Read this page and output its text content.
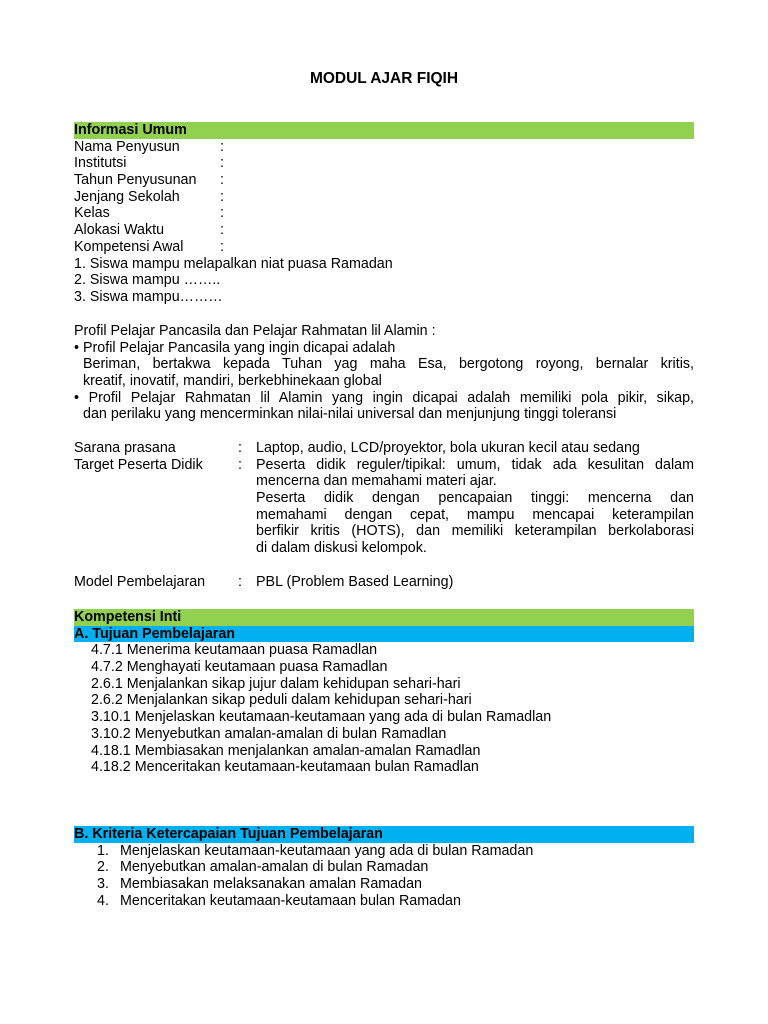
MODUL AJAR FIQIH
Informasi Umum
Nama Penyusun	:
Institutsi	:
Tahun Penyusunan	:
Jenjang Sekolah	:
Kelas	:
Alokasi Waktu	:
Kompetensi Awal	:
1. Siswa mampu melapalkan niat puasa Ramadan
2. Siswa mampu ……..
3. Siswa mampu………
Profil Pelajar Pancasila dan Pelajar Rahmatan lil Alamin :
• Profil Pelajar Pancasila yang ingin dicapai adalah
Beriman, bertakwa kepada Tuhan yag maha Esa, bergotong royong, bernalar kritis,
kreatif, inovatif, mandiri, berkebhinekaan global
• Profil Pelajar Rahmatan lil Alamin yang ingin dicapai adalah memiliki pola pikir, sikap,
dan perilaku yang mencerminkan nilai-nilai universal dan menjunjung tinggi toleransi
Sarana prasana	: Laptop, audio, LCD/proyektor, bola ukuran kecil atau sedang
Target Peserta Didik	: Peserta didik reguler/tipikal: umum, tidak ada kesulitan dalam
mencerna dan memahami materi ajar.
Peserta didik dengan pencapaian tinggi: mencerna dan
memahami dengan cepat, mampu mencapai keterampilan
berfikir kritis (HOTS), dan memiliki keterampilan berkolaborasi
di dalam diskusi kelompok.
Model Pembelajaran	: PBL (Problem Based Learning)
Kompetensi Inti
A. Tujuan Pembelajaran
4.7.1 Menerima keutamaan puasa Ramadlan
4.7.2 Menghayati keutamaan puasa Ramadlan
2.6.1 Menjalankan sikap jujur dalam kehidupan sehari-hari
2.6.2 Menjalankan sikap peduli dalam kehidupan sehari-hari
3.10.1 Menjelaskan keutamaan-keutamaan yang ada di bulan Ramadlan
3.10.2 Menyebutkan amalan-amalan di bulan Ramadlan
4.18.1 Membiasakan menjalankan amalan-amalan Ramadlan
4.18.2 Menceritakan keutamaan-keutamaan bulan Ramadlan
B. Kriteria Ketercapaian Tujuan Pembelajaran
1. Menjelaskan keutamaan-keutamaan yang ada di bulan Ramadan
2. Menyebutkan amalan-amalan di bulan Ramadan
3. Membiasakan melaksanakan amalan Ramadan
4. Menceritakan keutamaan-keutamaan bulan Ramadan
